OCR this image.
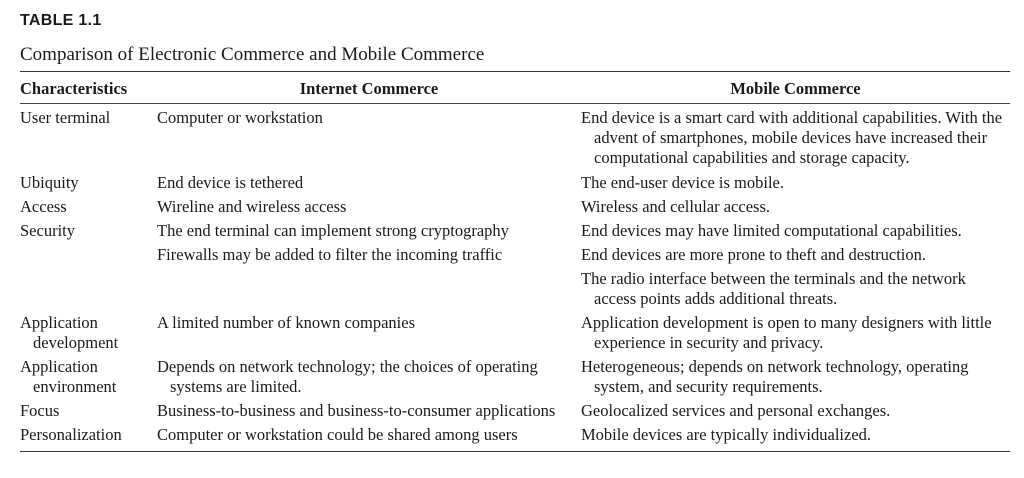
TABLE 1.1
Comparison of Electronic Commerce and Mobile Commerce
Characteristics	Internet Commerce	Mobile Commerce

User terminal	Computer or workstation	End device is a smart card with additional capabilities. With the advent of smartphones, mobile devices have increased their computational capabilities and storage capacity.

Ubiquity	End device is tethered	The end-user device is mobile.

Access	Wireline and wireless access	Wireless and cellular access.

Security	The end terminal can implement strong cryptography	End devices may have limited computational capabilities.

	Firewalls may be added to filter the incoming traffic	End devices are more prone to theft and destruction.

		The radio interface between the terminals and the network access points adds additional threats.

Application development	A limited number of known companies	Application development is open to many designers with little experience in security and privacy.

Application environment	Depends on network technology; the choices of operating systems are limited.	Heterogeneous; depends on network technology, operating system, and security requirements.

Focus	Business-to-business and business-to-consumer applications	Geolocalized services and personal exchanges.

Personalization	Computer or workstation could be shared among users	Mobile devices are typically individualized.
